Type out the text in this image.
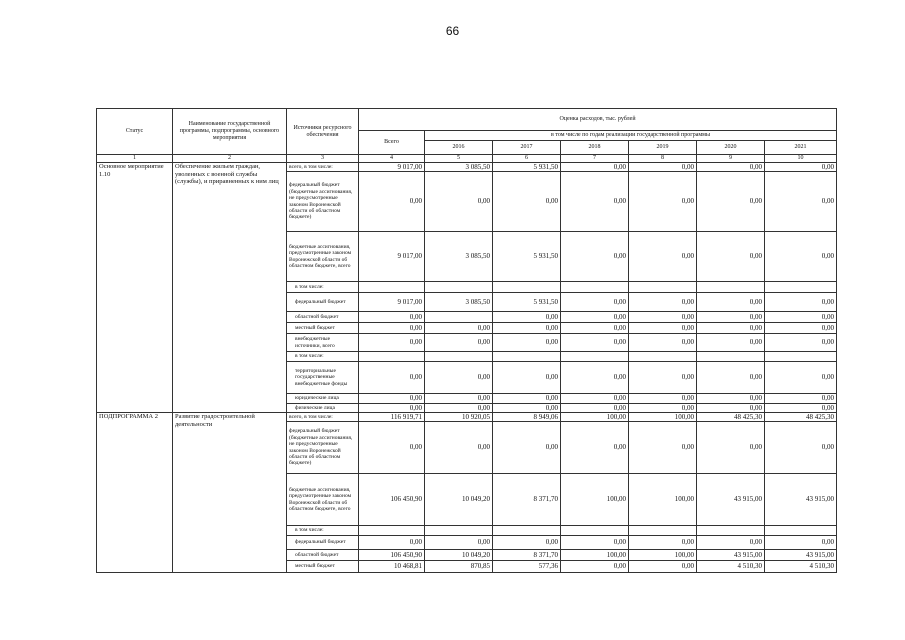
66
Статус	Наименование государственной программы, подпрограммы, основного мероприятия	Источники ресурсного обеспечения	Оценка расходов, тыс. рублей						
			Всего	в том числе по годам реализации государственной программы					
				2016	2017	2018	2019	2020	2021
1	2	3	4	5	6	7	8	9	10
Основное мероприятие 1.10	Обеспечение жильем граждан, уволенных с военной службы (службы), и приравненных к ним лиц	всего, в том числе:	9 017,00	3 085,50	5 931,50	0,00	0,00	0,00	0,00
		федеральный бюджет (бюджетные ассигнования, не предусмотренные законом Воронежской области об областном бюджете)	0,00	0,00	0,00	0,00	0,00	0,00	0,00
		бюджетные ассигнования, предусмотренные законом Воронежской области об областном бюджете, всего	9 017,00	3 085,50	5 931,50	0,00	0,00	0,00	0,00
		в том числе:							
		федеральный бюджет	9 017,00	3 085,50	5 931,50	0,00	0,00	0,00	0,00
		областной бюджет	0,00		0,00	0,00	0,00	0,00	0,00
		местный бюджет	0,00	0,00	0,00	0,00	0,00	0,00	0,00
		внебюджетные источники, всего	0,00	0,00	0,00	0,00	0,00	0,00	0,00
		в том числе:							
		территориальные государственные внебюджетные фонды	0,00	0,00	0,00	0,00	0,00	0,00	0,00
		юридические лица	0,00	0,00	0,00	0,00	0,00	0,00	0,00
		физические лица	0,00	0,00	0,00	0,00	0,00	0,00	0,00
ПОДПРОГРАММА 2	Развитие градостроительной деятельности	всего, в том числе:	116 919,71	10 920,05	8 949,06	100,00	100,00	48 425,30	48 425,30
		федеральный бюджет (бюджетные ассигнования, не предусмотренные законом Воронежской области об областном бюджете)	0,00	0,00	0,00	0,00	0,00	0,00	0,00
		бюджетные ассигнования, предусмотренные законом Воронежской области об областном бюджете, всего	106 450,90	10 049,20	8 371,70	100,00	100,00	43 915,00	43 915,00
		в том числе:							
		федеральный бюджет	0,00	0,00	0,00	0,00	0,00	0,00	0,00
		областной бюджет	106 450,90	10 049,20	8 371,70	100,00	100,00	43 915,00	43 915,00
		местный бюджет	10 468,81	870,85	577,36	0,00	0,00	4 510,30	4 510,30
